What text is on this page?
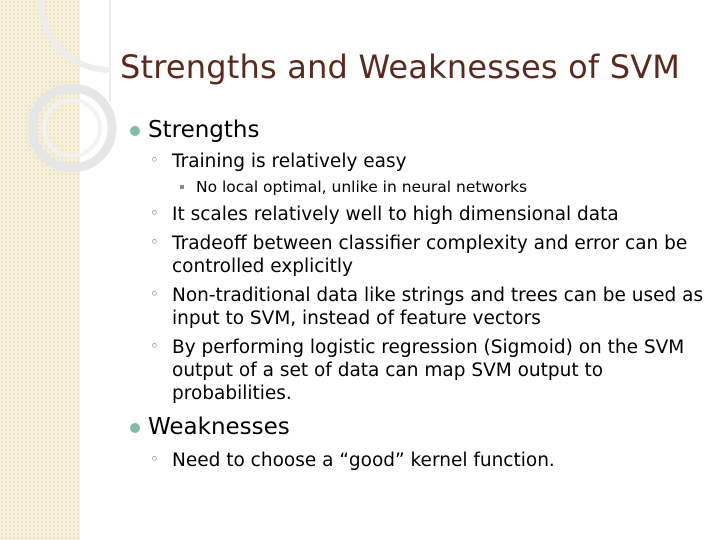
Strengths and Weaknesses of SVM
Strengths
◦ Training is relatively easy
No local optimal, unlike in neural networks
◦ It scales relatively well to high dimensional data
◦ Tradeoff between classifier complexity and error can be controlled explicitly
◦ Non-traditional data like strings and trees can be used as input to SVM, instead of feature vectors
◦ By performing logistic regression (Sigmoid) on the SVM output of a set of data can map SVM output to probabilities.
Weaknesses
◦ Need to choose a “good” kernel function.
